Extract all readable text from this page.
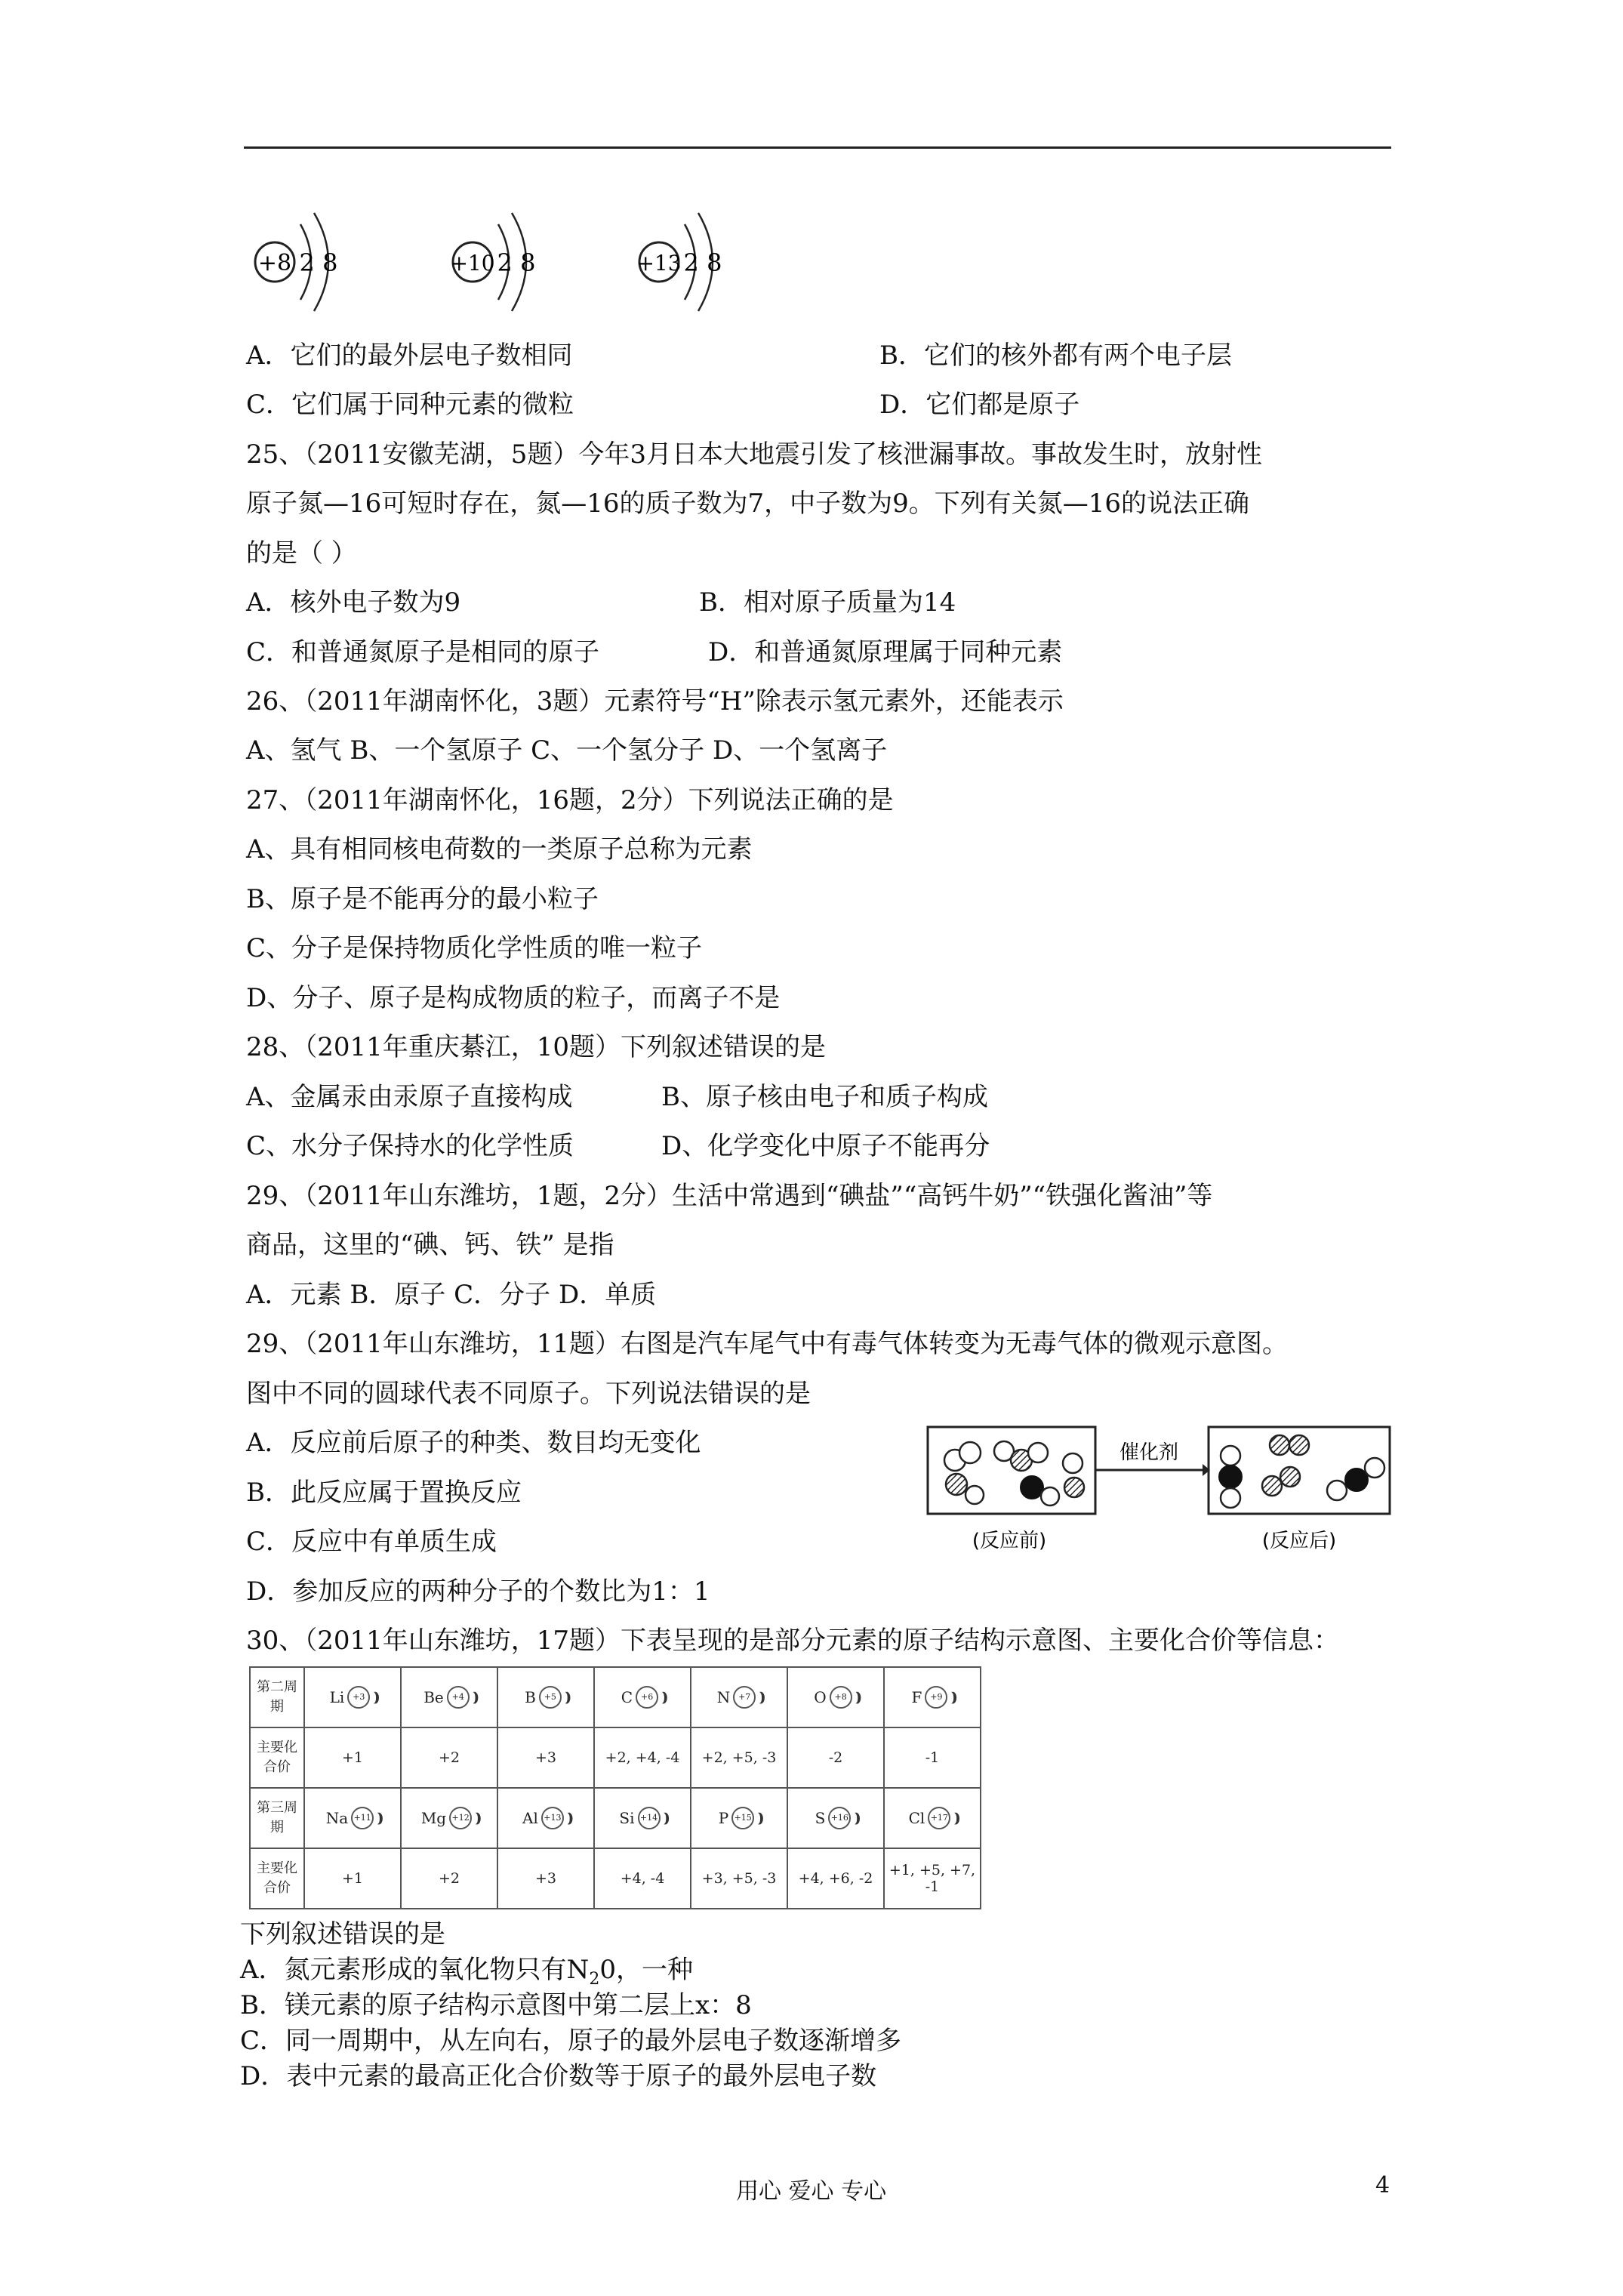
+8 2 8	+10 2 8	+13 2 8
A．它们的最外层电子数相同	B．它们的核外都有两个电子层
C．它们属于同种元素的微粒	D．它们都是原子
25、（2011安徽芜湖，5题）今年3月日本大地震引发了核泄漏事故。事故发生时，放射性
原子氮—16可短时存在，氮—16的质子数为7，中子数为9。下列有关氮—16的说法正确
的是（ ）
A．核外电子数为9	B．相对原子质量为14
C．和普通氮原子是相同的原子	D．和普通氮原理属于同种元素
26、（2011年湖南怀化，3题）元素符号“H”除表示氢元素外，还能表示
A、氢气 B、一个氢原子 C、一个氢分子 D、一个氢离子
27、（2011年湖南怀化，16题，2分）下列说法正确的是
A、具有相同核电荷数的一类原子总称为元素
B、原子是不能再分的最小粒子
C、分子是保持物质化学性质的唯一粒子
D、分子、原子是构成物质的粒子，而离子不是
28、（2011年重庆綦江，10题）下列叙述错误的是
A、金属汞由汞原子直接构成	B、原子核由电子和质子构成
C、水分子保持水的化学性质	D、化学变化中原子不能再分
29、（2011年山东潍坊，1题，2分）生活中常遇到“碘盐”“高钙牛奶”“铁强化酱油”等
商品，这里的“碘、钙、铁” 是指
A．元素 B．原子 C．分子 D．单质
29、（2011年山东潍坊，11题）右图是汽车尾气中有毒气体转变为无毒气体的微观示意图。
图中不同的圆球代表不同原子。下列说法错误的是
A．反应前后原子的种类、数目均无变化
B．此反应属于置换反应
C．反应中有单质生成
D．参加反应的两种分子的个数比为1：1
催化剂
(反应前)	(反应后)
30、（2011年山东潍坊，17题）下表呈现的是部分元素的原子结构示意图、主要化合价等信息：
第二周期	Li +3 )))	Be +4 )))	B +5 )))	C +6 )))	N +7 )))	O +8 )))	F +9 )))

主要化合价	+1	+2	+3	+2, +4, -4	+2, +5, -3	-2	-1
第三周期	Na +11 )))	Mg +12 )))	Al +13 )))	Si +14 )))	P +15 )))	S +16 )))	Cl +17 )))

主要化合价	+1	+2	+3	+4, -4	+3, +5, -3	+4, +6, -2	+1, +5, +7, -1
下列叙述错误的是
A．氮元素形成的氧化物只有$N_20$，一种
B．镁元素的原子结构示意图中第二层上x：8
C．同一周期中，从左向右，原子的最外层电子数逐渐增多
D．表中元素的最高正化合价数等于原子的最外层电子数
用心 爱心 专心	4
